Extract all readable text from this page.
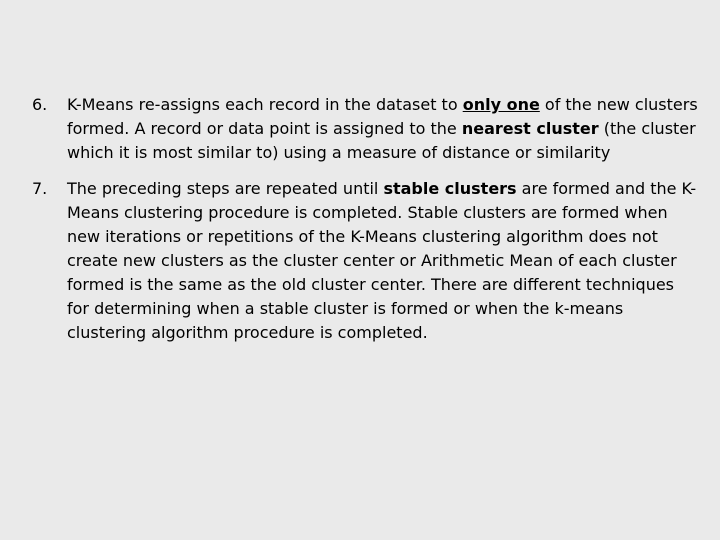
6. K-Means re-assigns each record in the dataset to only one of the new clusters formed. A record or data point is assigned to the nearest cluster (the cluster which it is most similar to) using a measure of distance or similarity
7. The preceding steps are repeated until stable clusters are formed and the K-Means clustering procedure is completed. Stable clusters are formed when new iterations or repetitions of the K-Means clustering algorithm does not create new clusters as the cluster center or Arithmetic Mean of each cluster formed is the same as the old cluster center. There are different techniques for determining when a stable cluster is formed or when the k-means clustering algorithm procedure is completed.
